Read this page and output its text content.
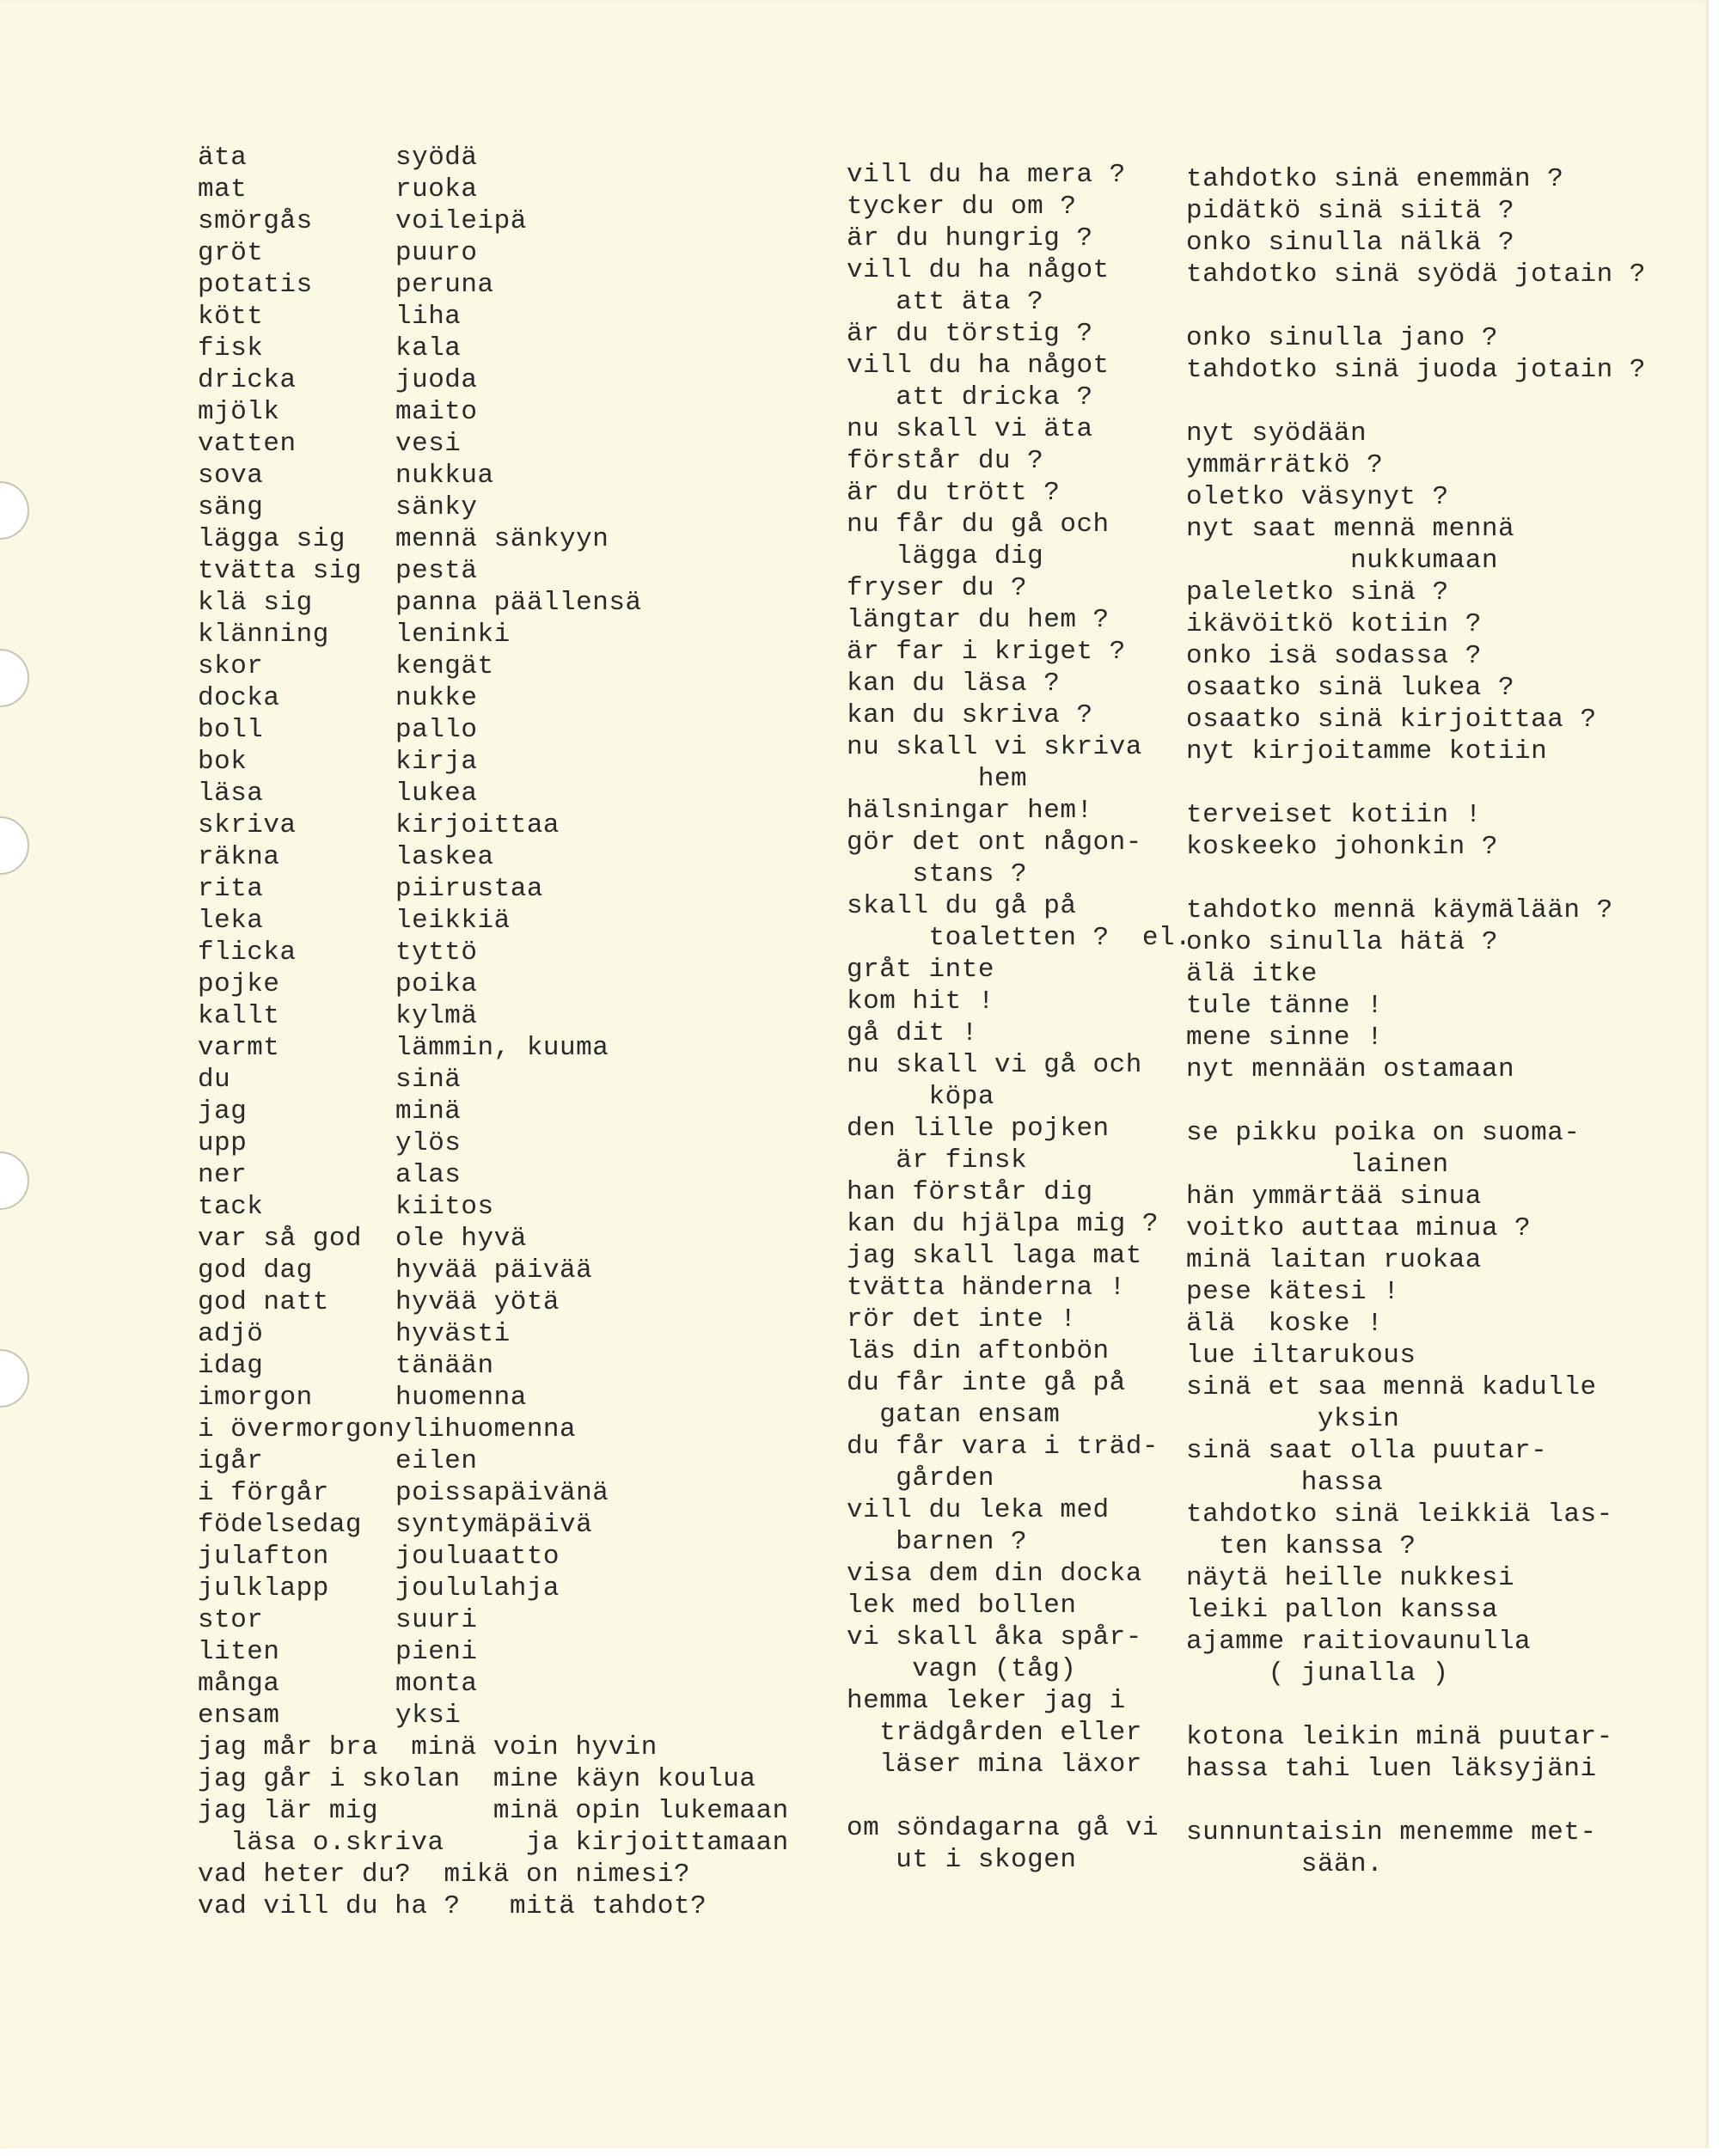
äta
mat
smörgås
gröt
potatis
kött
fisk
dricka
mjölk
vatten
sova
säng
lägga sig
tvätta sig
klä sig
klänning
skor
docka
boll
bok
läsa
skriva
räkna
rita
leka
flicka
pojke
kallt
varmt
du
jag
upp
ner
tack
var så god
god dag
god natt
adjö
idag
imorgon
i övermorgon
igår
i förgår
födelsedag
julafton
julklapp
stor
liten
många
ensam
syödä
ruoka
voileipä
puuro
peruna
liha
kala
juoda
maito
vesi
nukkua
sänky
mennä sänkyyn
pestä
panna päällensä
leninki
kengät
nukke
pallo
kirja
lukea
kirjoittaa
laskea
piirustaa
leikkiä
tyttö
poika
kylmä
lämmin, kuuma
sinä
minä
ylös
alas
kiitos
ole hyvä
hyvää päivää
hyvää yötä
hyvästi
tänään
huomenna
ylihuomenna
eilen
poissapäivänä
syntymäpäivä
jouluaatto
joululahja
suuri
pieni
monta
yksi
jag mår bra  minä voin hyvin
jag går i skolan  mine käyn koulua
jag lär mig       minä opin lukemaan
läsa o.skriva     ja kirjoittamaan
vad heter du?  mikä on nimesi?
vad vill du ha ?   mitä tahdot?
vill du ha mera ?
tycker du om ?
är du hungrig ?
vill du ha något
att äta ?
är du törstig ?
vill du ha något
att dricka ?
nu skall vi äta
förstår du ?
är du trött ?
nu får du gå och
lägga dig
fryser du ?
längtar du hem ?
är far i kriget ?
kan du läsa ?
kan du skriva ?
nu skall vi skriva
hem
hälsningar hem!
gör det ont någon-
stans ?
skall du gå på
toaletten ?  el.
gråt inte
kom hit !
gå dit !
nu skall vi gå och
köpa
den lille pojken
är finsk
han förstår dig
kan du hjälpa mig ?
jag skall laga mat
tvätta händerna !
rör det inte !
läs din aftonbön
du får inte gå på
gatan ensam
du får vara i träd-
gården
vill du leka med
barnen ?
visa dem din docka
lek med bollen
vi skall åka spår-
vagn (tåg)
hemma leker jag i
trädgården eller
läser mina läxor
om söndagarna gå vi
ut i skogen
tahdotko sinä enemmän ?
pidätkö sinä siitä ?
onko sinulla nälkä ?
tahdotko sinä syödä jotain ?
onko sinulla jano ?
tahdotko sinä juoda jotain ?
nyt syödään
ymmärrätkö ?
oletko väsynyt ?
nyt saat mennä mennä
nukkumaan
paleletko sinä ?
ikävöitkö kotiin ?
onko isä sodassa ?
osaatko sinä lukea ?
osaatko sinä kirjoittaa ?
nyt kirjoitamme kotiin
terveiset kotiin !
koskeeko johonkin ?
tahdotko mennä käymälään ?
onko sinulla hätä ?
älä itke
tule tänne !
mene sinne !
nyt mennään ostamaan
se pikku poika on suoma-
lainen
hän ymmärtää sinua
voitko auttaa minua ?
minä laitan ruokaa
pese kätesi !
älä  koske !
lue iltarukous
sinä et saa mennä kadulle
yksin
sinä saat olla puutar-
hassa
tahdotko sinä leikkiä las-
ten kanssa ?
näytä heille nukkesi
leiki pallon kanssa
ajamme raitiovaunulla
( junalla )
kotona leikin minä puutar-
hassa tahi luen läksyjäni
sunnuntaisin menemme met-
sään.
